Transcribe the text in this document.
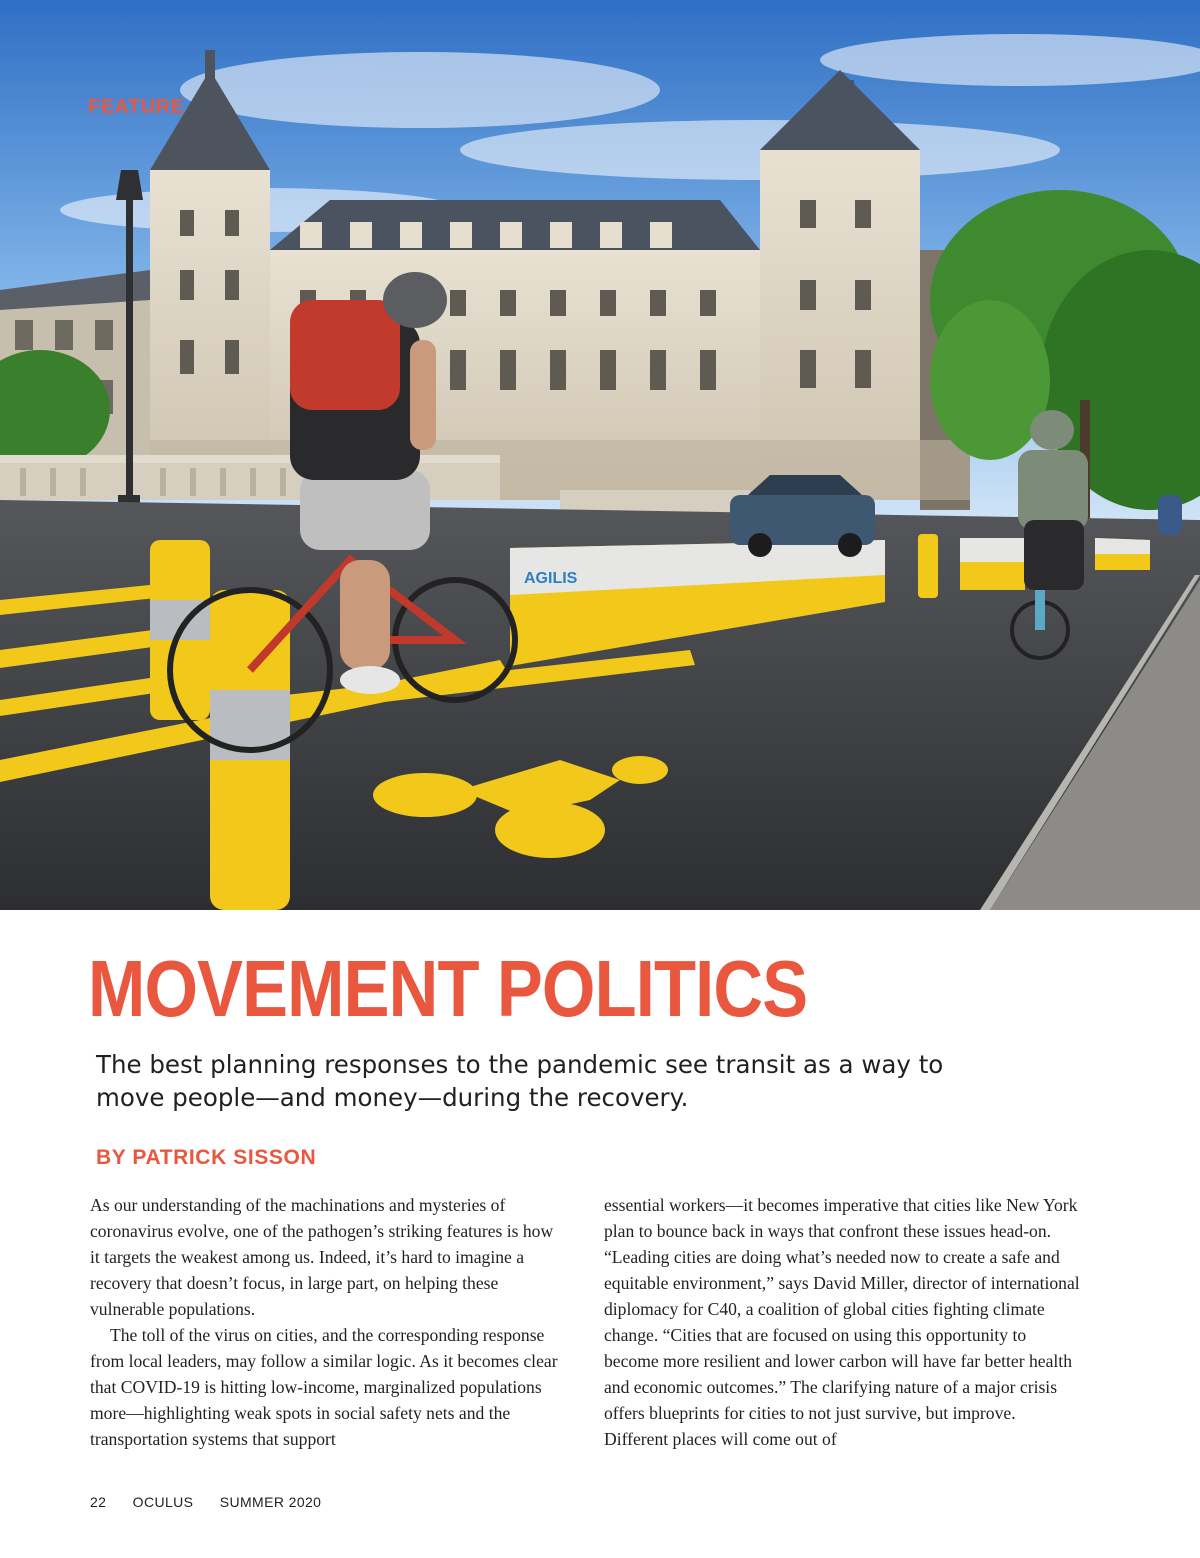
AGILIS
FEATURE
MOVEMENT POLITICS
The best planning responses to the pandemic see transit as a way to move people—and money—during the recovery.
BY PATRICK SISSON

As our understanding of the machinations and mysteries of coronavirus evolve, one of the pathogen’s striking features is how it targets the weakest among us. Indeed, it’s hard to imagine a recovery that doesn’t focus, in large part, on helping these vulnerable populations.

The toll of the virus on cities, and the corresponding response from local leaders, may follow a similar logic. As it becomes clear that COVID-19 is hitting low-income, marginalized populations more—highlighting weak spots in social safety nets and the transportation systems that support

essential workers—it becomes imperative that cities like New York plan to bounce back in ways that confront these issues head-on. “Leading cities are doing what’s needed now to create a safe and equitable environment,” says David Miller, director of international diplomacy for C40, a coalition of global cities fighting climate change. “Cities that are focused on using this opportunity to become more resilient and lower carbon will have far better health and economic outcomes.” The clarifying nature of a major crisis offers blueprints for cities to not just survive, but improve. Different places will come out of

22 OCULUS SUMMER 2020
